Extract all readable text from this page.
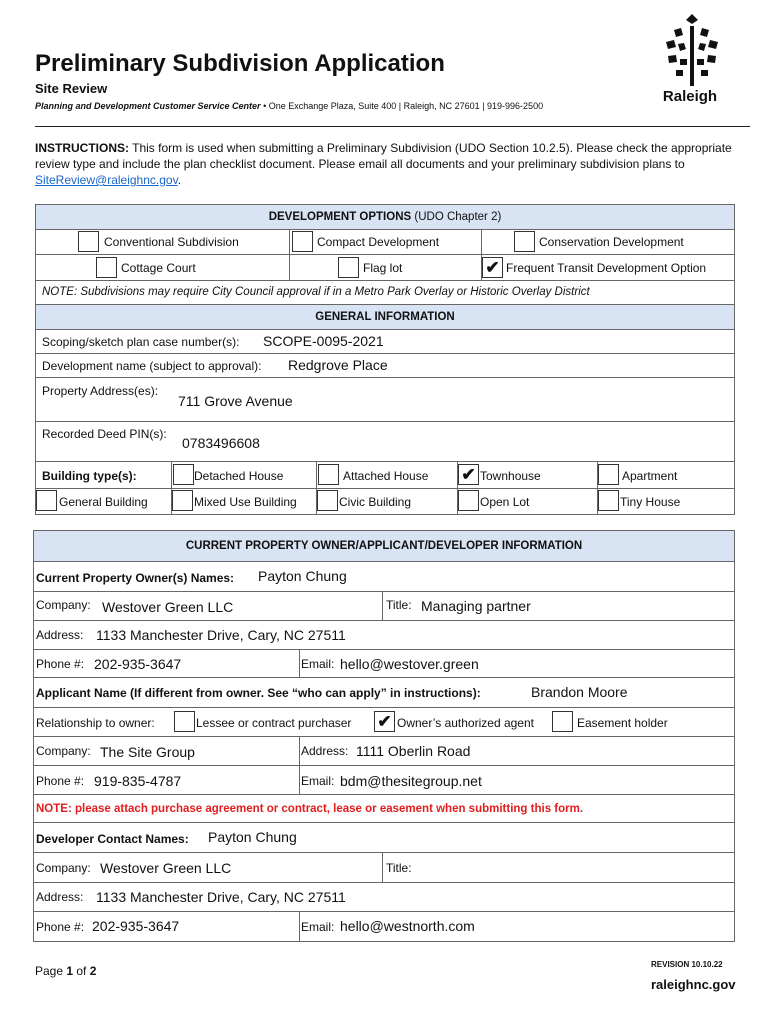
Preliminary Subdivision Application
Site Review
Planning and Development Customer Service Center • One Exchange Plaza, Suite 400 | Raleigh, NC 27601 | 919-996-2500
Raleigh
INSTRUCTIONS: This form is used when submitting a Preliminary Subdivision (UDO Section 10.2.5). Please check the appropriate review type and include the plan checklist document. Please email all documents and your preliminary subdivision plans to SiteReview@raleighnc.gov.
DEVELOPMENT OPTIONS (UDO Chapter 2)
Conventional Subdivision	Compact Development	Conservation Development
Cottage Court	Flag lot	✔ Frequent Transit Development Option
NOTE: Subdivisions may require City Council approval if in a Metro Park Overlay or Historic Overlay District
GENERAL INFORMATION
Scoping/sketch plan case number(s): SCOPE-0095-2021
Development name (subject to approval): Redgrove Place
Property Address(es):
711 Grove Avenue
Recorded Deed PIN(s):
0783496608
Building type(s):	Detached House	Attached House ✔ Townhouse	Apartment
General Building	Mixed Use Building	Civic Building	Open Lot	Tiny House
CURRENT PROPERTY OWNER/APPLICANT/DEVELOPER INFORMATION
Current Property Owner(s) Names: Payton Chung
Company: Westover Green LLC	Title: Managing partner
Address: 1133 Manchester Drive, Cary, NC 27511
Phone #: 202-935-3647	Email: hello@westover.green
Applicant Name (If different from owner. See “who can apply” in instructions):	Brandon Moore
Relationship to owner:	Lessee or contract purchaser ✔ Owner’s authorized agent	Easement holder
Company: The Site Group	Address: 1111 Oberlin Road
Phone #: 919-835-4787	Email: bdm@thesitegroup.net
NOTE: please attach purchase agreement or contract, lease or easement when submitting this form.
Developer Contact Names: Payton Chung
Company: Westover Green LLC	Title:
Address: 1133 Manchester Drive, Cary, NC 27511
Phone #: 202-935-3647	Email: hello@westnorth.com
Page 1 of 2	REVISION 10.10.22
raleighnc.gov
